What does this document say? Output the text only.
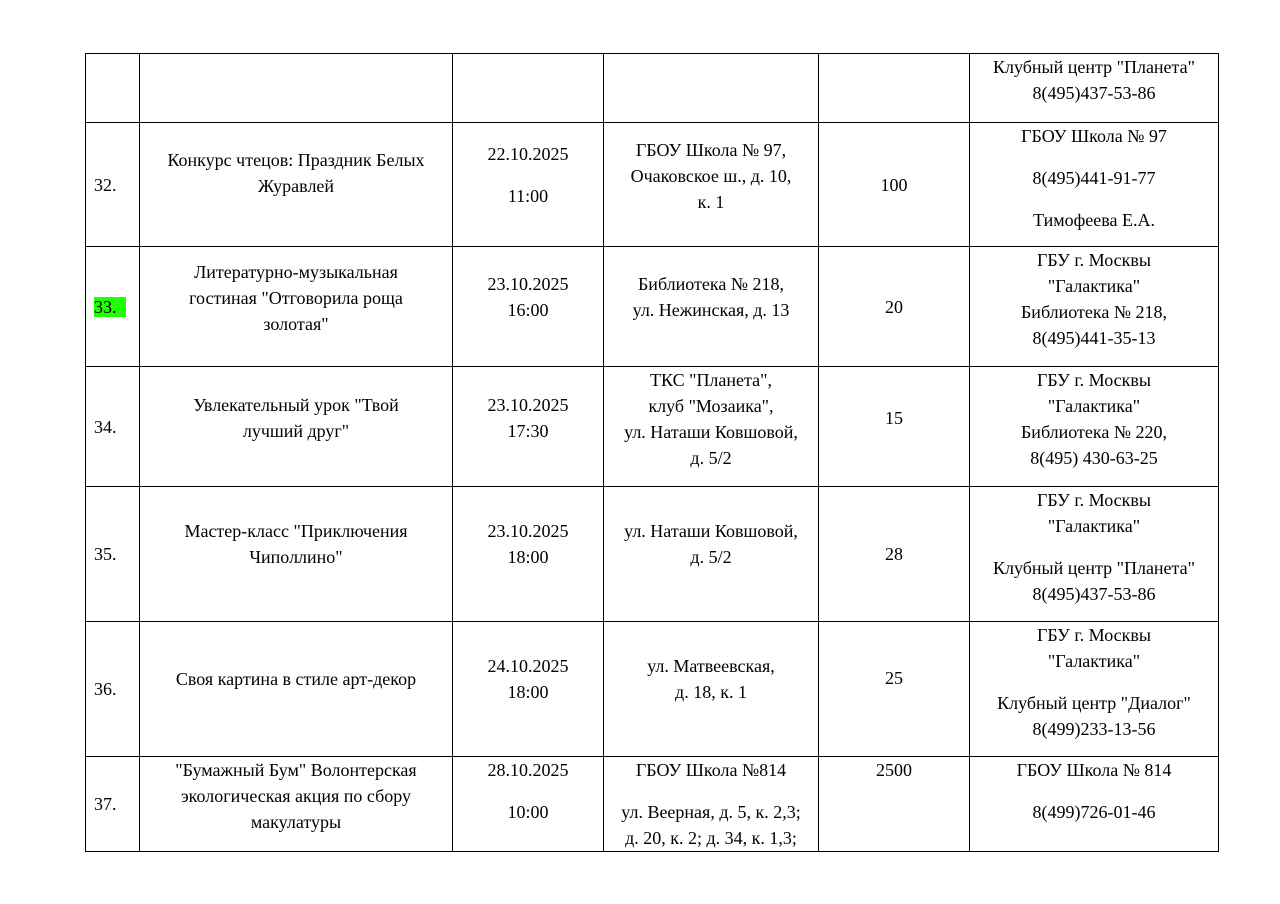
					Клубный центр "Планета"
8(495)437-53-86

32.	Конкурс чтецов: Праздник Белых
Журавлей	22.10.2025
11:00	ГБОУ Школа № 97,
Очаковское ш., д. 10,
к. 1	100	ГБОУ Школа № 97
8(495)441-91-77
Тимофеева Е.А.

33.	Литературно-музыкальная
гостиная "Отговорила роща
золотая"	23.10.2025
16:00	Библиотека № 218,
ул. Нежинская, д. 13	20	ГБУ г. Москвы
"Галактика"
Библиотека № 218,
8(495)441-35-13

34.	Увлекательный урок "Твой
лучший друг"	23.10.2025
17:30	ТКС "Планета",
клуб "Мозаика",
ул. Наташи Ковшовой,
д. 5/2	15	ГБУ г. Москвы
"Галактика"
Библиотека № 220,
8(495) 430-63-25

35.	Мастер-класс "Приключения
Чиполлино"	23.10.2025
18:00	ул. Наташи Ковшовой,
д. 5/2	28	ГБУ г. Москвы
"Галактика"
Клубный центр "Планета"
8(495)437-53-86

36.	Своя картина в стиле арт-декор	24.10.2025
18:00	ул. Матвеевская,
д. 18, к. 1	25	ГБУ г. Москвы
"Галактика"
Клубный центр "Диалог"
8(499)233-13-56

37.	"Бумажный Бум" Волонтерская
экологическая акция по сбору
макулатуры	28.10.2025
10:00	ГБОУ Школа №814
ул. Веерная, д. 5, к. 2,3;
д. 20, к. 2; д. 34, к. 1,3;	2500	ГБОУ Школа № 814
8(499)726-01-46
